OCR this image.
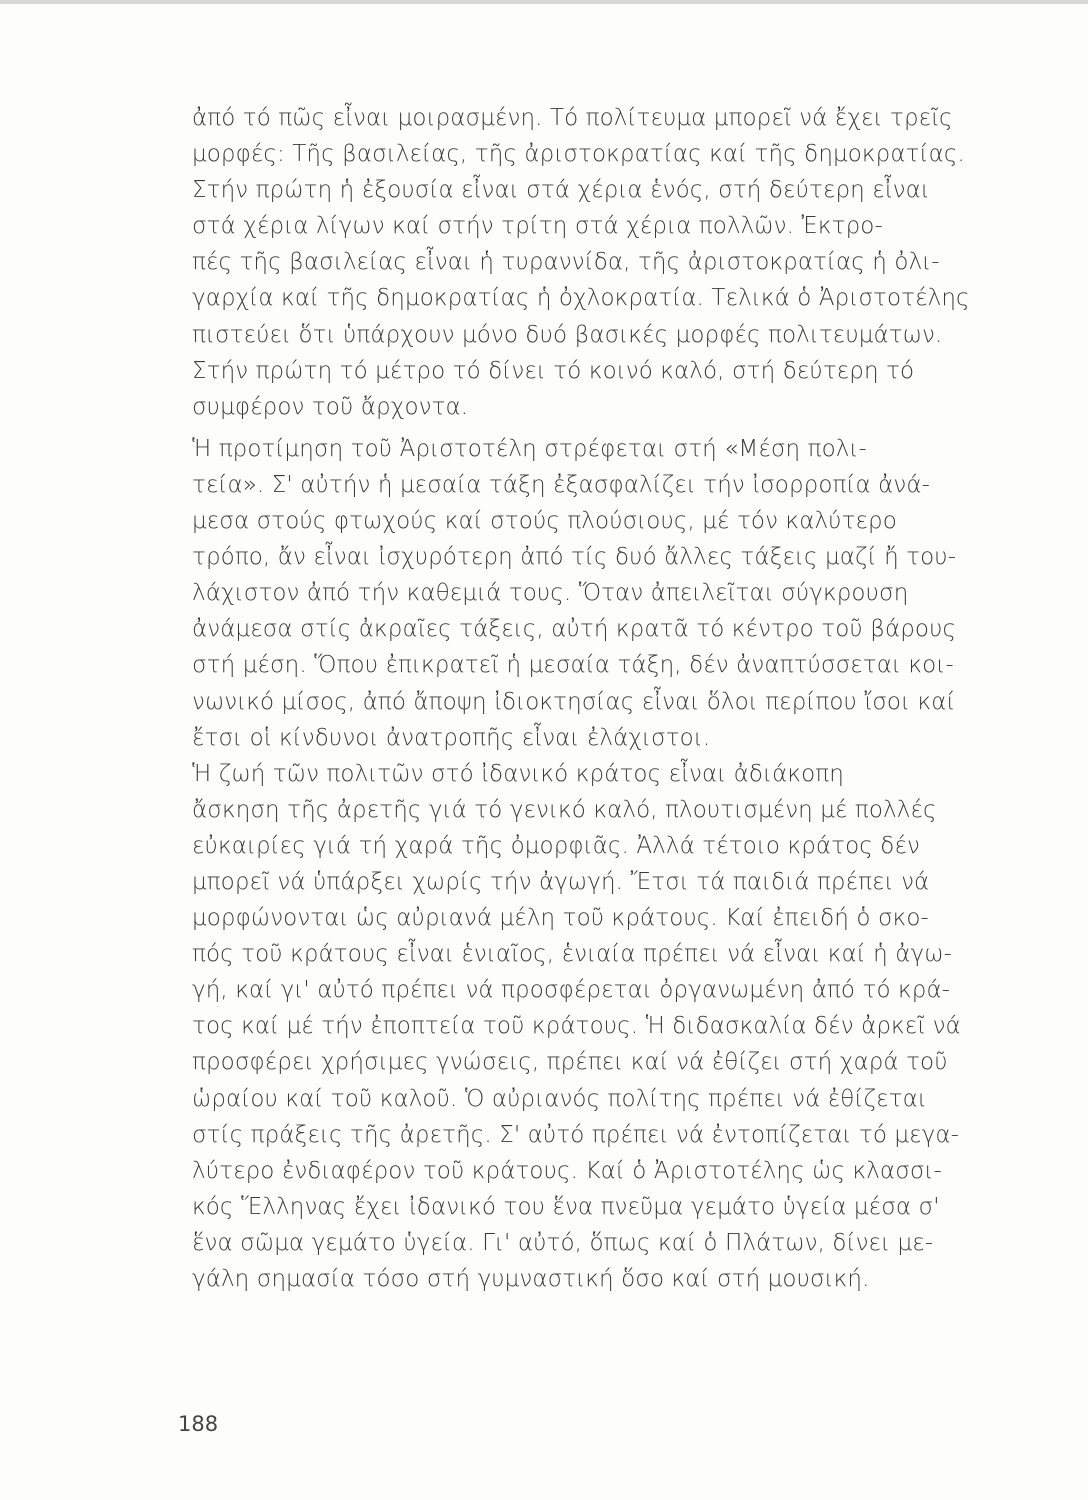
ἀπό τό πῶς εἶναι μοιρασμένη. Τό πολίτευμα μπορεῖ νά ἔχει τρεῖς
μορφές: Τῆς βασιλείας, τῆς ἀριστοκρατίας καί τῆς δημοκρατίας.
Στήν πρώτη ἡ ἐξουσία εἶναι στά χέρια ἑνός, στή δεύτερη εἶναι
στά χέρια λίγων καί στήν τρίτη στά χέρια πολλῶν. Ἐκτρο-
πές τῆς βασιλείας εἶναι ἡ τυραννίδα, τῆς ἀριστοκρατίας ἡ ὀλι-
γαρχία καί τῆς δημοκρατίας ἡ ὀχλοκρατία. Τελικά ὁ Ἀριστοτέλης
πιστεύει ὅτι ὑπάρχουν μόνο δυό βασικές μορφές πολιτευμάτων.
Στήν πρώτη τό μέτρο τό δίνει τό κοινό καλό, στή δεύτερη τό
συμφέρον τοῦ ἄρχοντα.
Ἡ προτίμηση τοῦ Ἀριστοτέλη στρέφεται στή «Μέση πολι-
τεία». Σ' αὐτήν ἡ μεσαία τάξη ἐξασφαλίζει τήν ἰσορροπία ἀνά-
μεσα στούς φτωχούς καί στούς πλούσιους, μέ τόν καλύτερο
τρόπο, ἄν εἶναι ἰσχυρότερη ἀπό τίς δυό ἄλλες τάξεις μαζί ἤ του-
λάχιστον ἀπό τήν καθεμιά τους. Ὅταν ἀπειλεῖται σύγκρουση
ἀνάμεσα στίς ἀκραῖες τάξεις, αὐτή κρατᾶ τό κέντρο τοῦ βάρους
στή μέση. Ὅπου ἐπικρατεῖ ἡ μεσαία τάξη, δέν ἀναπτύσσεται κοι-
νωνικό μίσος, ἀπό ἄποψη ἰδιοκτησίας εἶναι ὅλοι περίπου ἴσοι καί
ἔτσι οἱ κίνδυνοι ἀνατροπῆς εἶναι ἐλάχιστοι.
Ἡ ζωή τῶν πολιτῶν στό ἰδανικό κράτος εἶναι ἀδιάκοπη
ἄσκηση τῆς ἀρετῆς γιά τό γενικό καλό, πλουτισμένη μέ πολλές
εὐκαιρίες γιά τή χαρά τῆς ὀμορφιᾶς. Ἀλλά τέτοιο κράτος δέν
μπορεῖ νά ὑπάρξει χωρίς τήν ἀγωγή. Ἔτσι τά παιδιά πρέπει νά
μορφώνονται ὡς αὐριανά μέλη τοῦ κράτους. Καί ἐπειδή ὁ σκο-
πός τοῦ κράτους εἶναι ἑνιαῖος, ἑνιαία πρέπει νά εἶναι καί ἡ ἀγω-
γή, καί γι' αὐτό πρέπει νά προσφέρεται ὀργανωμένη ἀπό τό κρά-
τος καί μέ τήν ἐποπτεία τοῦ κράτους. Ἡ διδασκαλία δέν ἀρκεῖ νά
προσφέρει χρήσιμες γνώσεις, πρέπει καί νά ἐθίζει στή χαρά τοῦ
ὡραίου καί τοῦ καλοῦ. Ὁ αὐριανός πολίτης πρέπει νά ἐθίζεται
στίς πράξεις τῆς ἀρετῆς. Σ' αὐτό πρέπει νά ἐντοπίζεται τό μεγα-
λύτερο ἐνδιαφέρον τοῦ κράτους. Καί ὁ Ἀριστοτέλης ὡς κλασσι-
κός Ἕλληνας ἔχει ἰδανικό του ἕνα πνεῦμα γεμάτο ὑγεία μέσα σ'
ἕνα σῶμα γεμάτο ὑγεία. Γι' αὐτό, ὅπως καί ὁ Πλάτων, δίνει με-
γάλη σημασία τόσο στή γυμναστική ὅσο καί στή μουσική.
188
